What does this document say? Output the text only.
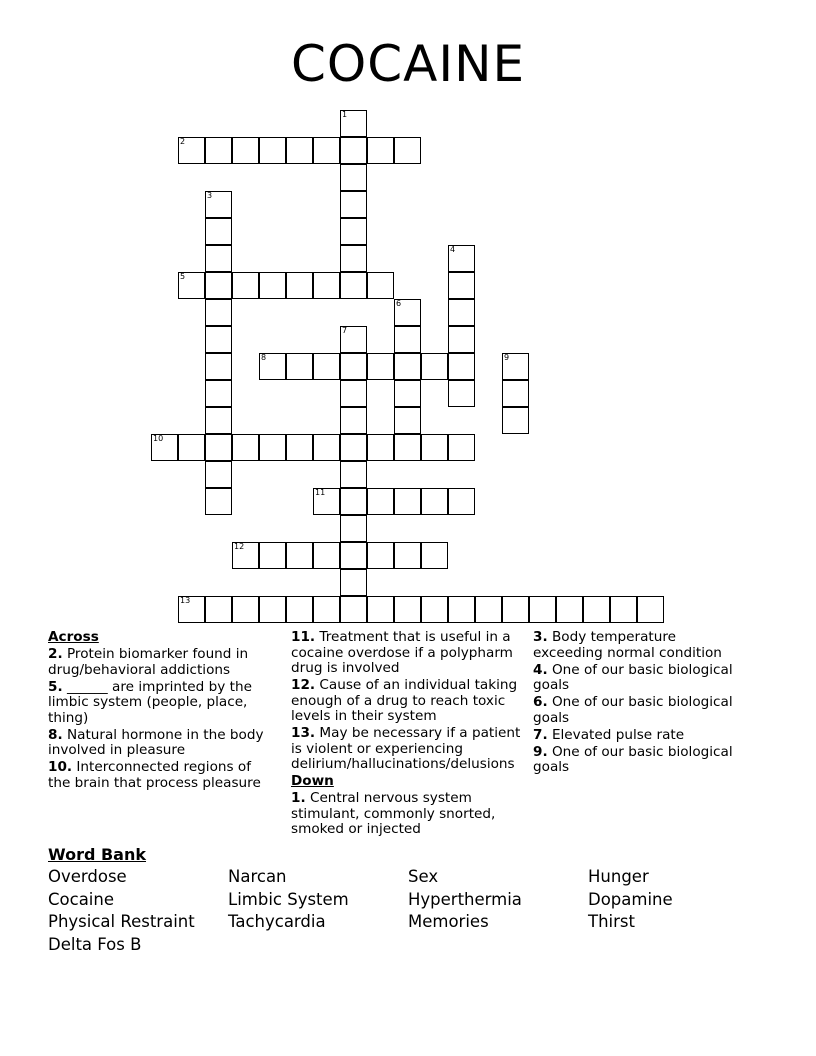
COCAINE
1
2
3
4
5
6
7
8	9
10
11
12
13
Across
2. Protein biomarker found in drug/behavioral addictions
5. ______ are imprinted by the limbic system (people, place, thing)
8. Natural hormone in the body involved in pleasure
10. Interconnected regions of the brain that process pleasure
11. Treatment that is useful in a cocaine overdose if a polypharm drug is involved
12. Cause of an individual taking enough of a drug to reach toxic levels in their system
13. May be necessary if a patient is violent or experiencing delirium/hallucinations/delusions
Down
1. Central nervous system stimulant, commonly snorted, smoked or injected
3. Body temperature exceeding normal condition
4. One of our basic biological goals
6. One of our basic biological goals
7. Elevated pulse rate
9. One of our basic biological goals
Word Bank
Overdose	Narcan	Sex	Hunger
Cocaine	Limbic System	Hyperthermia	Dopamine
Physical Restraint	Tachycardia	Memories	Thirst
Delta Fos B
